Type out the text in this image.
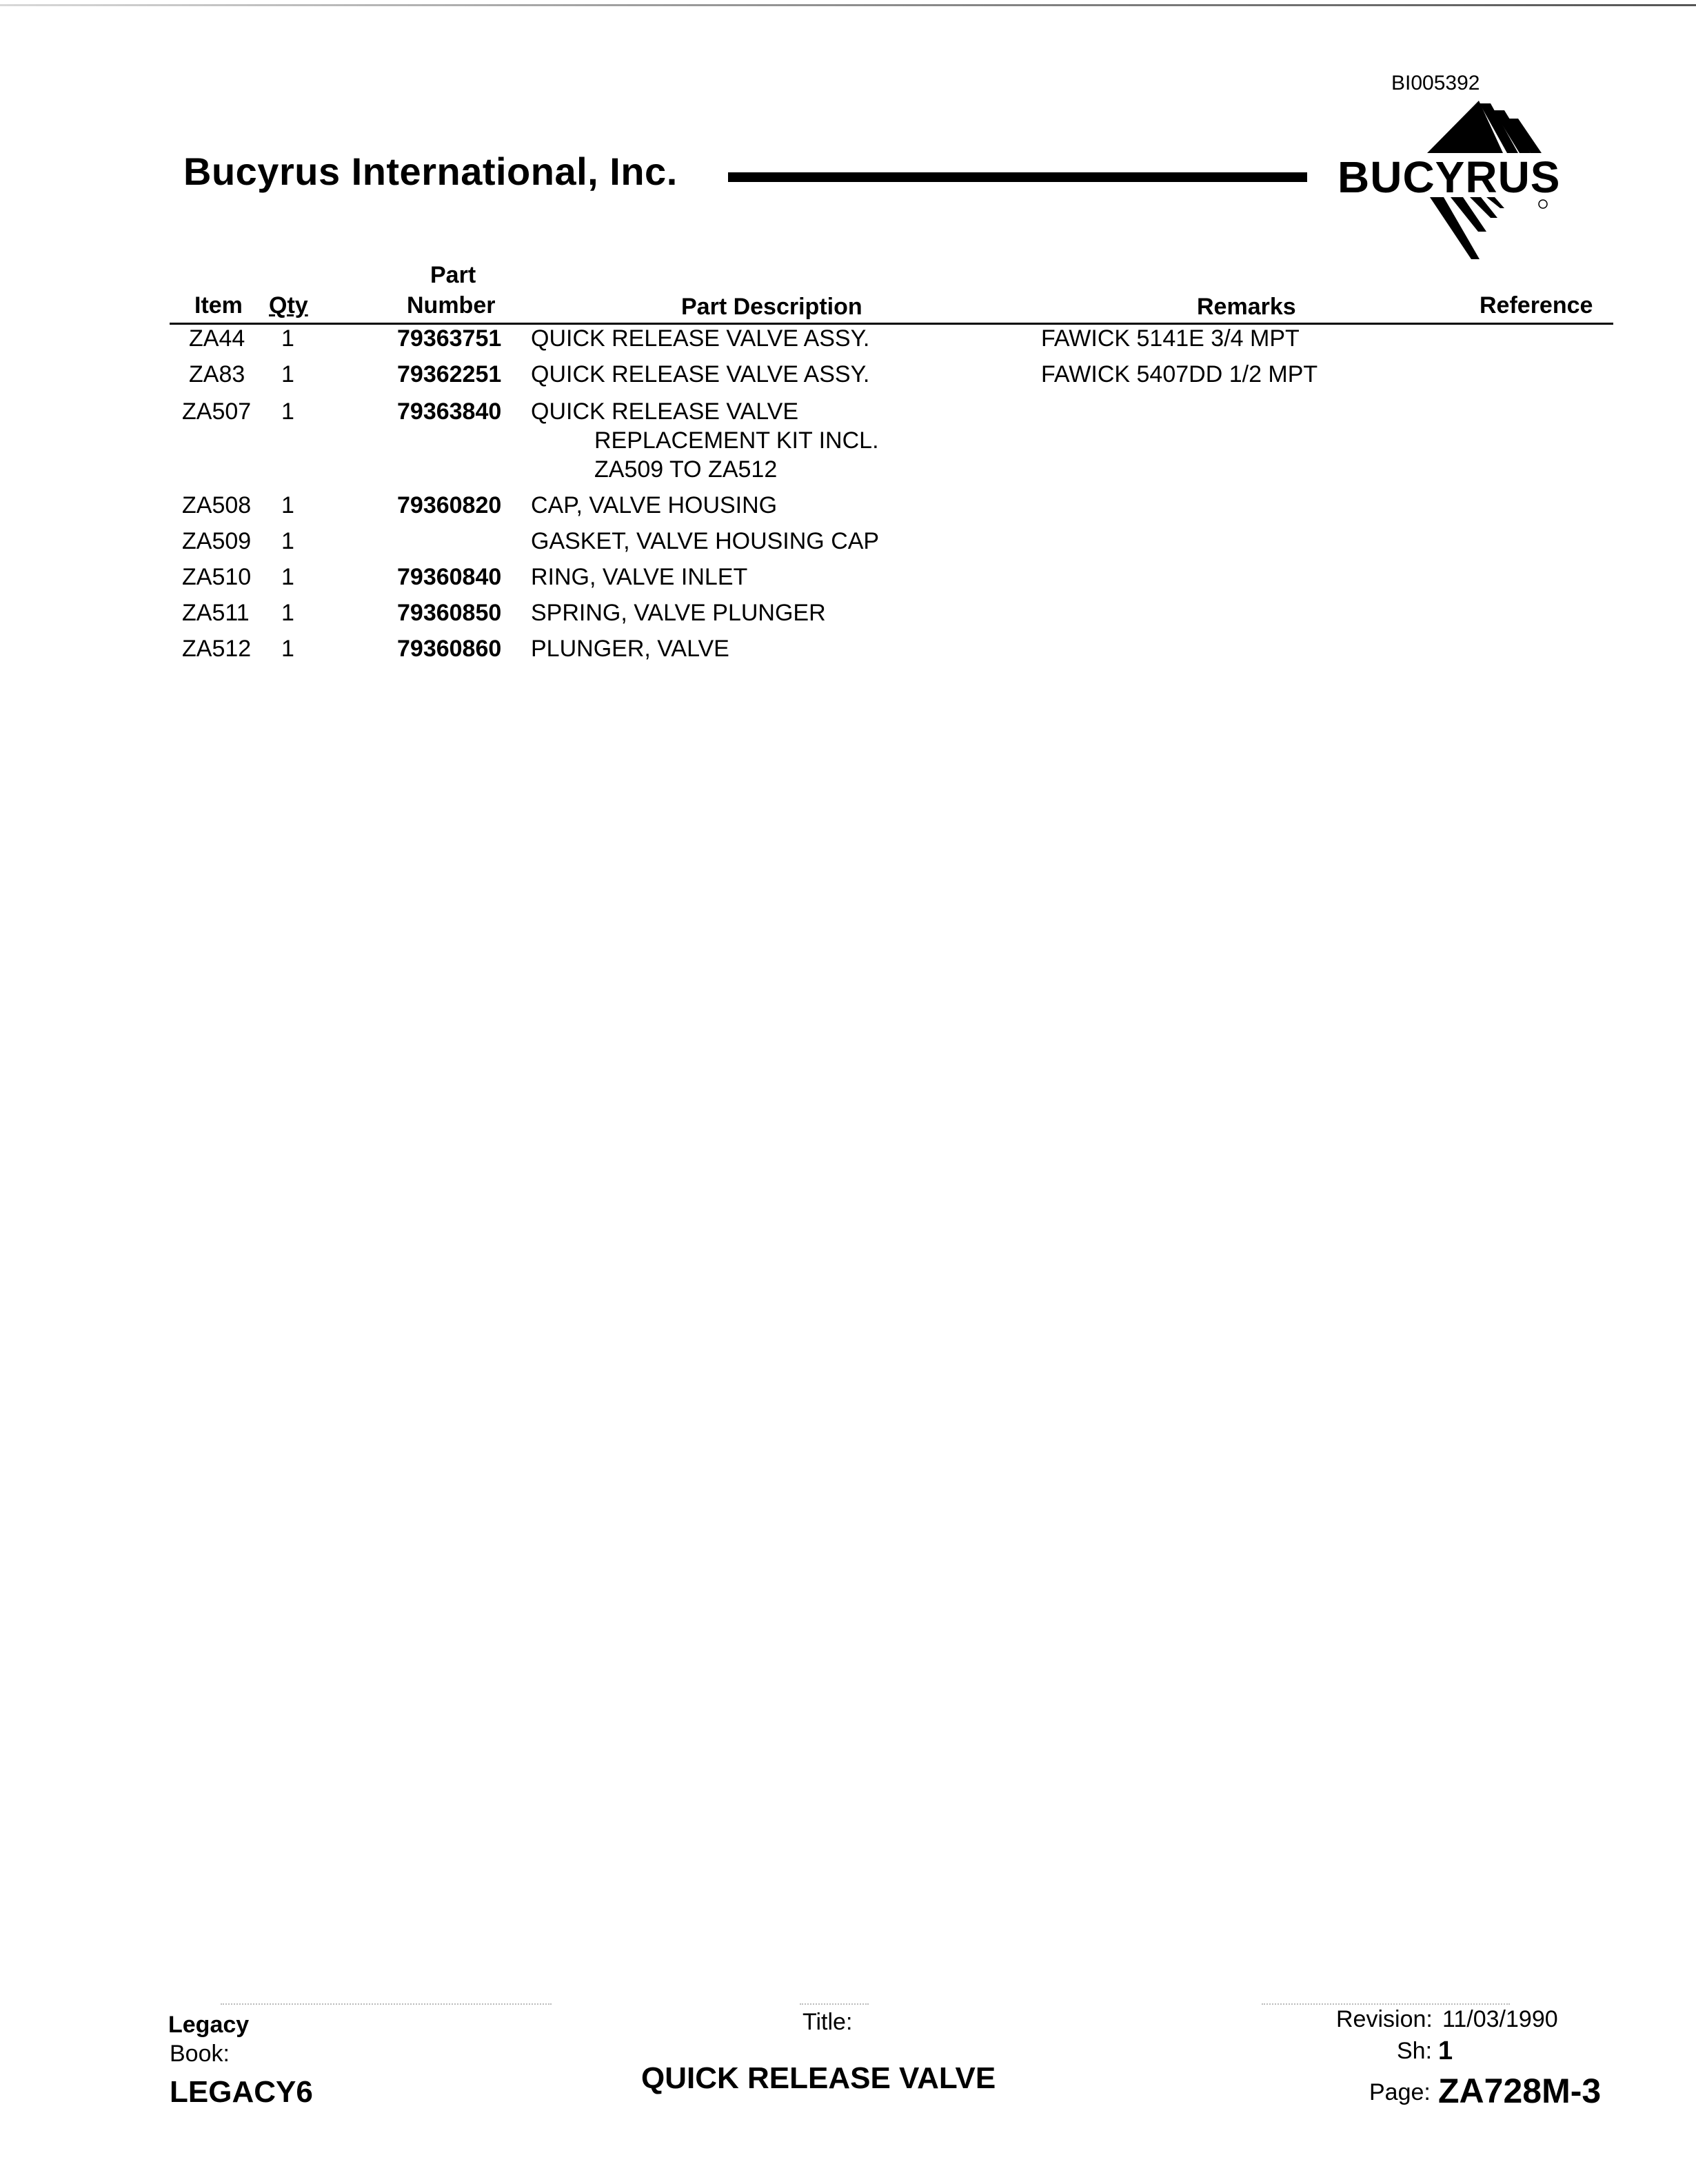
BI005392
Bucyrus International, Inc.	BUCYRUS
Item Qty
Part
Number	Part Description	Remarks	Reference
ZA44 1	79363751 QUICK RELEASE VALVE ASSY.	FAWICK 5141E 3/4 MPT
ZA83 1	79362251 QUICK RELEASE VALVE ASSY.	FAWICK 5407DD 1/2 MPT
ZA507 1	79363840 QUICK RELEASE VALVE
REPLACEMENT KIT INCL.
ZA509 TO ZA512
ZA508 1	79360820 CAP, VALVE HOUSING
ZA509 1	GASKET, VALVE HOUSING CAP
ZA510 1	79360840 RING, VALVE INLET
ZA511 1	79360850 SPRING, VALVE PLUNGER
ZA512 1	79360860 PLUNGER, VALVE
Legacy
Book:
LEGACY6
Title:
QUICK RELEASE VALVE
Revision: 11/03/1990
Sh: 1
Page: ZA728M-3
